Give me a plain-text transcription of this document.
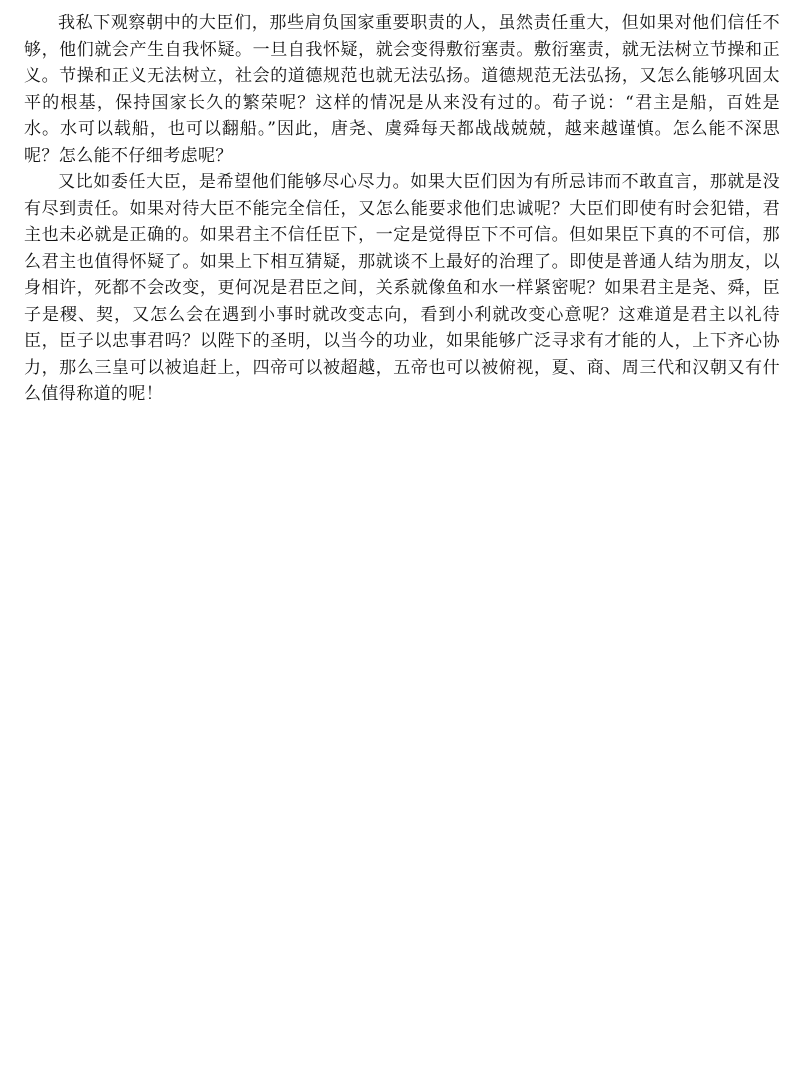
我私下观察朝中的大臣们，那些肩负国家重要职责的人，虽然责任重大，但如果对他们信任不够，他们就会产生自我怀疑。一旦自我怀疑，就会变得敷衍塞责。敷衍塞责，就无法树立节操和正义。节操和正义无法树立，社会的道德规范也就无法弘扬。道德规范无法弘扬，又怎么能够巩固太平的根基，保持国家长久的繁荣呢？这样的情况是从来没有过的。荀子说：“君主是船，百姓是水。水可以载船，也可以翻船。”因此，唐尧、虞舜每天都战战兢兢，越来越谨慎。怎么能不深思呢？怎么能不仔细考虑呢？

又比如委任大臣，是希望他们能够尽心尽力。如果大臣们因为有所忌讳而不敢直言，那就是没有尽到责任。如果对待大臣不能完全信任，又怎么能要求他们忠诚呢？大臣们即使有时会犯错，君主也未必就是正确的。如果君主不信任臣下，一定是觉得臣下不可信。但如果臣下真的不可信，那么君主也值得怀疑了。如果上下相互猜疑，那就谈不上最好的治理了。即使是普通人结为朋友，以身相许，死都不会改变，更何况是君臣之间，关系就像鱼和水一样紧密呢？如果君主是尧、舜，臣子是稷、契，又怎么会在遇到小事时就改变志向，看到小利就改变心意呢？这难道是君主以礼待臣，臣子以忠事君吗？以陛下的圣明，以当今的功业，如果能够广泛寻求有才能的人，上下齐心协力，那么三皇可以被追赶上，四帝可以被超越，五帝也可以被俯视，夏、商、周三代和汉朝又有什么值得称道的呢！
